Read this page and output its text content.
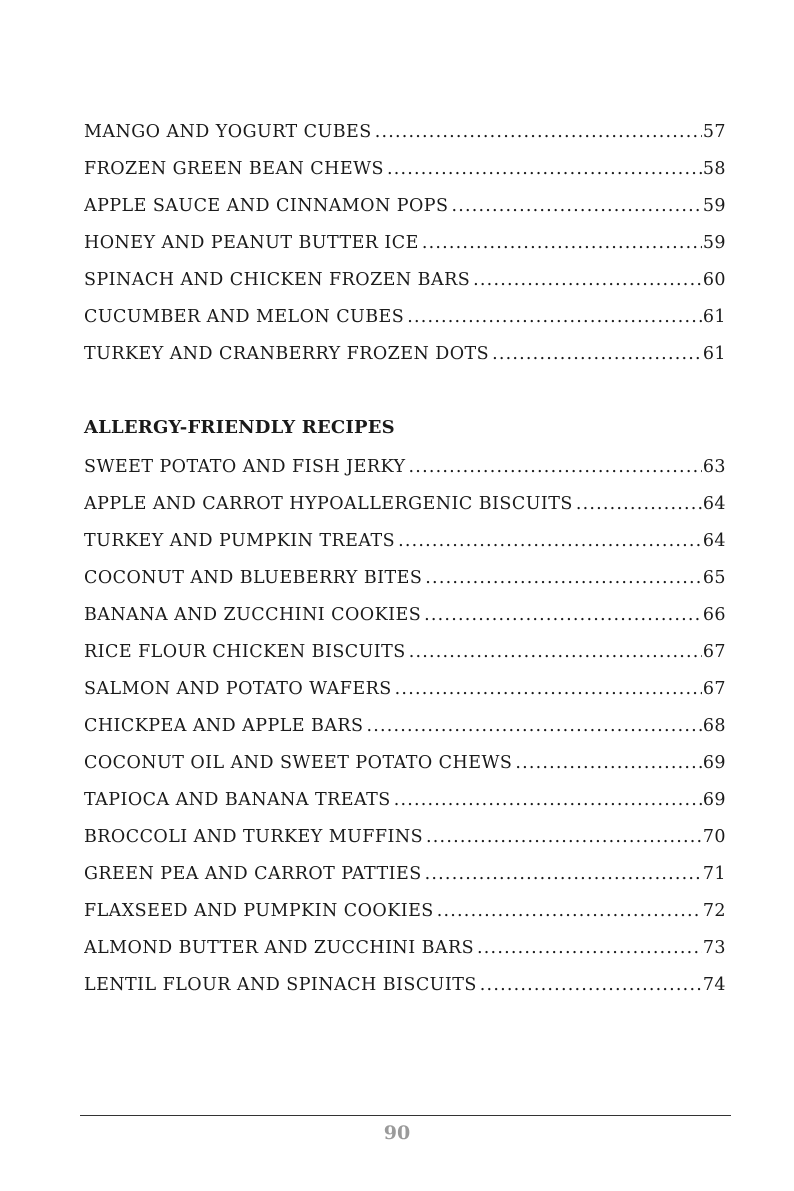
MANGO AND YOGURT CUBES .....	57
FROZEN GREEN BEAN CHEWS .....	58
APPLE SAUCE AND CINNAMON POPS .....	59
HONEY AND PEANUT BUTTER ICE .....	59
SPINACH AND CHICKEN FROZEN BARS .....	60
CUCUMBER AND MELON CUBES .....	61
TURKEY AND CRANBERRY FROZEN DOTS .....	61
ALLERGY-FRIENDLY RECIPES
SWEET POTATO AND FISH JERKY .....	63
APPLE AND CARROT HYPOALLERGENIC BISCUITS .....	64
TURKEY AND PUMPKIN TREATS .....	64
COCONUT AND BLUEBERRY BITES .....	65
BANANA AND ZUCCHINI COOKIES .....	66
RICE FLOUR CHICKEN BISCUITS .....	67
SALMON AND POTATO WAFERS .....	67
CHICKPEA AND APPLE BARS .....	68
COCONUT OIL AND SWEET POTATO CHEWS .....	69
TAPIOCA AND BANANA TREATS .....	69
BROCCOLI AND TURKEY MUFFINS .....	70
GREEN PEA AND CARROT PATTIES .....	71
FLAXSEED AND PUMPKIN COOKIES .....	72
ALMOND BUTTER AND ZUCCHINI BARS .....	73
LENTIL FLOUR AND SPINACH BISCUITS .....	74
90
